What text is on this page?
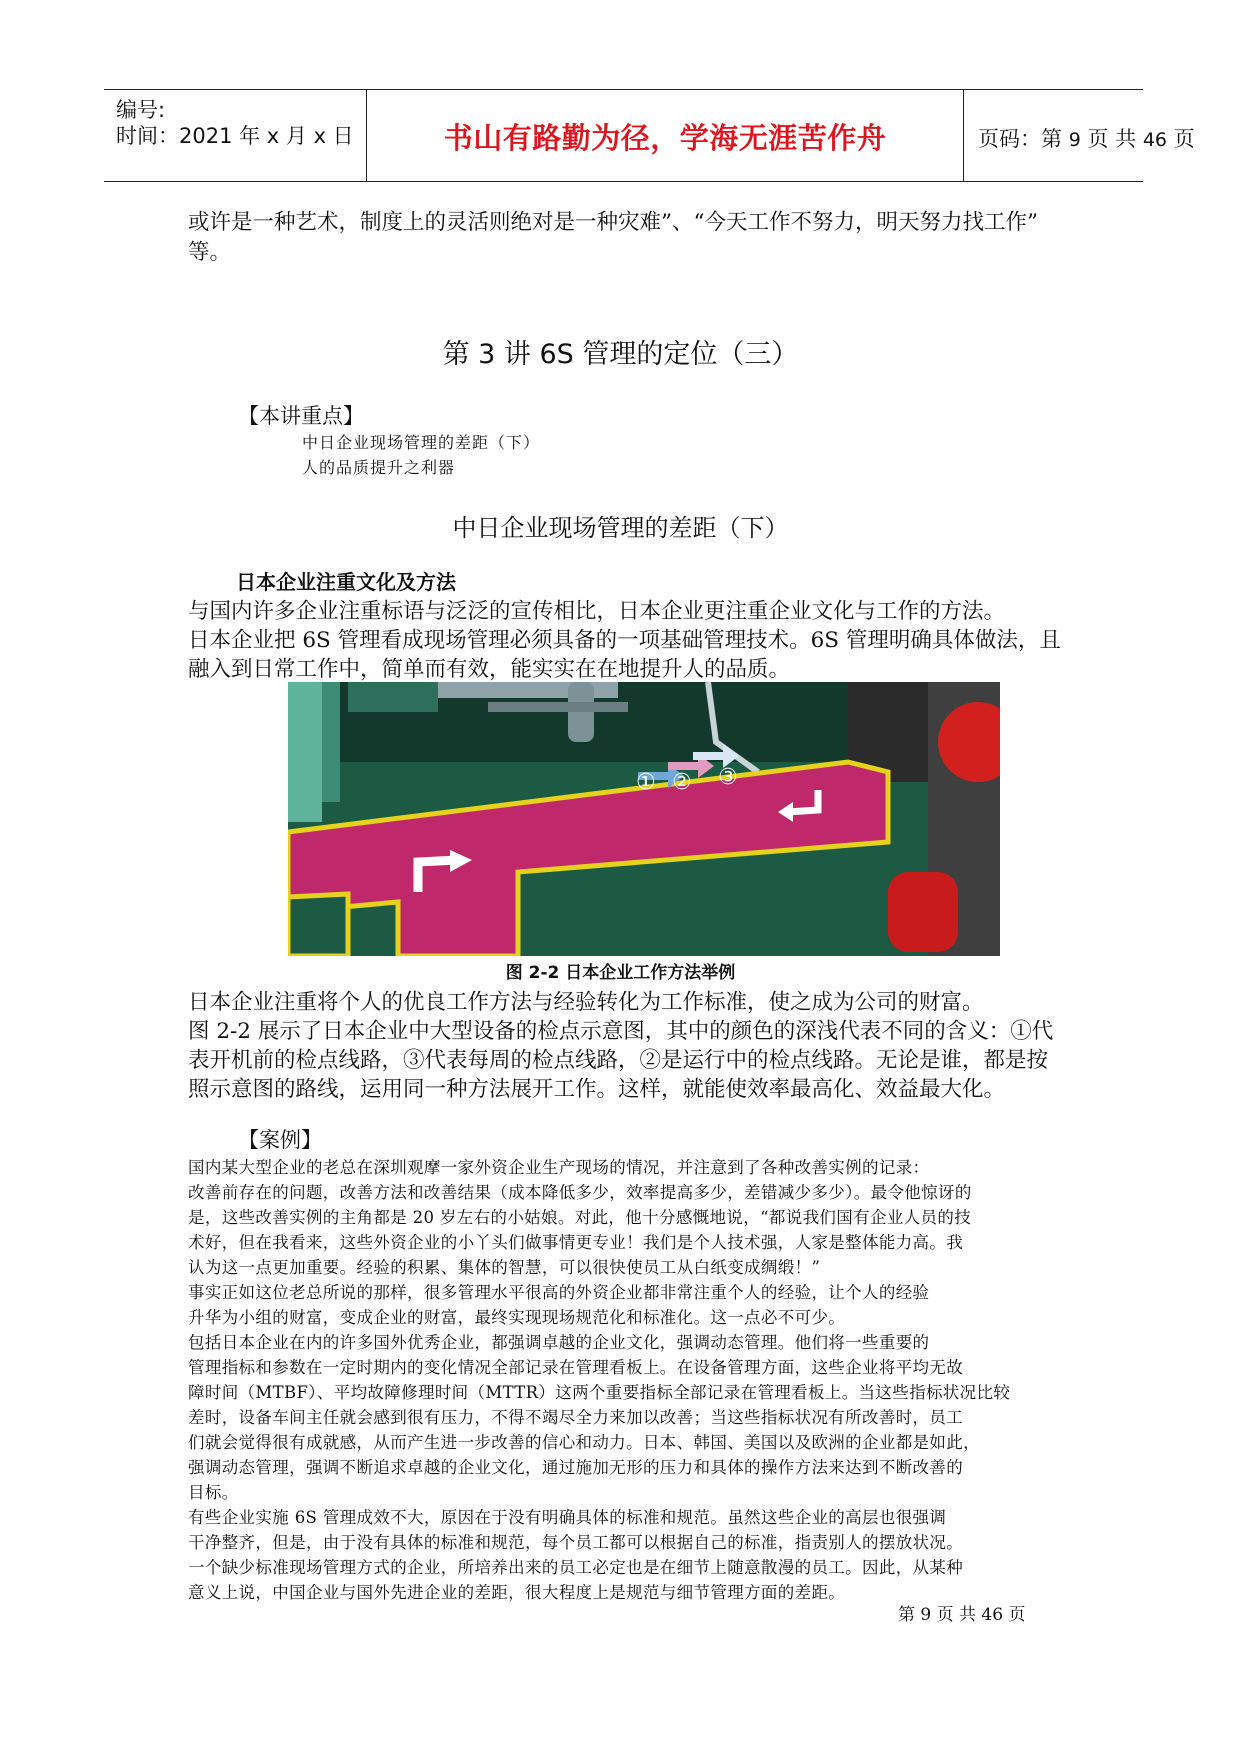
编号:
时间：2021 年 x 月 x 日	书山有路勤为径，学海无涯苦作舟	页码：第 9 页 共 46 页
或许是一种艺术，制度上的灵活则绝对是一种灾难”、“今天工作不努力，明天努力找工作”
等。
第 3 讲 6S 管理的定位（三）
【本讲重点】
中日企业现场管理的差距（下）
人的品质提升之利器
中日企业现场管理的差距（下）
日本企业注重文化及方法
与国内许多企业注重标语与泛泛的宣传相比，日本企业更注重企业文化与工作的方法。
日本企业把 6S 管理看成现场管理必须具备的一项基础管理技术。6S 管理明确具体做法，且
融入到日常工作中，简单而有效，能实实在在地提升人的品质。
① ② ③
图 2-2 日本企业工作方法举例
日本企业注重将个人的优良工作方法与经验转化为工作标准，使之成为公司的财富。
图 2-2 展示了日本企业中大型设备的检点示意图，其中的颜色的深浅代表不同的含义：①代
表开机前的检点线路，③代表每周的检点线路，②是运行中的检点线路。无论是谁，都是按
照示意图的路线，运用同一种方法展开工作。这样，就能使效率最高化、效益最大化。
【案例】
国内某大型企业的老总在深圳观摩一家外资企业生产现场的情况，并注意到了各种改善实例的记录：
改善前存在的问题，改善方法和改善结果（成本降低多少，效率提高多少，差错减少多少）。最令他惊讶的
是，这些改善实例的主角都是 20 岁左右的小姑娘。对此，他十分感慨地说，“都说我们国有企业人员的技
术好，但在我看来，这些外资企业的小丫头们做事情更专业！我们是个人技术强，人家是整体能力高。我
认为这一点更加重要。经验的积累、集体的智慧，可以很快使员工从白纸变成绸缎！”
事实正如这位老总所说的那样，很多管理水平很高的外资企业都非常注重个人的经验，让个人的经验
升华为小组的财富，变成企业的财富，最终实现现场规范化和标准化。这一点必不可少。
包括日本企业在内的许多国外优秀企业，都强调卓越的企业文化，强调动态管理。他们将一些重要的
管理指标和参数在一定时期内的变化情况全部记录在管理看板上。在设备管理方面，这些企业将平均无故
障时间（MTBF）、平均故障修理时间（MTTR）这两个重要指标全部记录在管理看板上。当这些指标状况比较
差时，设备车间主任就会感到很有压力，不得不竭尽全力来加以改善；当这些指标状况有所改善时，员工
们就会觉得很有成就感，从而产生进一步改善的信心和动力。日本、韩国、美国以及欧洲的企业都是如此，
强调动态管理，强调不断追求卓越的企业文化，通过施加无形的压力和具体的操作方法来达到不断改善的
目标。
有些企业实施 6S 管理成效不大，原因在于没有明确具体的标准和规范。虽然这些企业的高层也很强调
干净整齐，但是，由于没有具体的标准和规范，每个员工都可以根据自己的标准，指责别人的摆放状况。
一个缺少标准现场管理方式的企业，所培养出来的员工必定也是在细节上随意散漫的员工。因此，从某种
意义上说，中国企业与国外先进企业的差距，很大程度上是规范与细节管理方面的差距。
第 9 页 共 46 页
